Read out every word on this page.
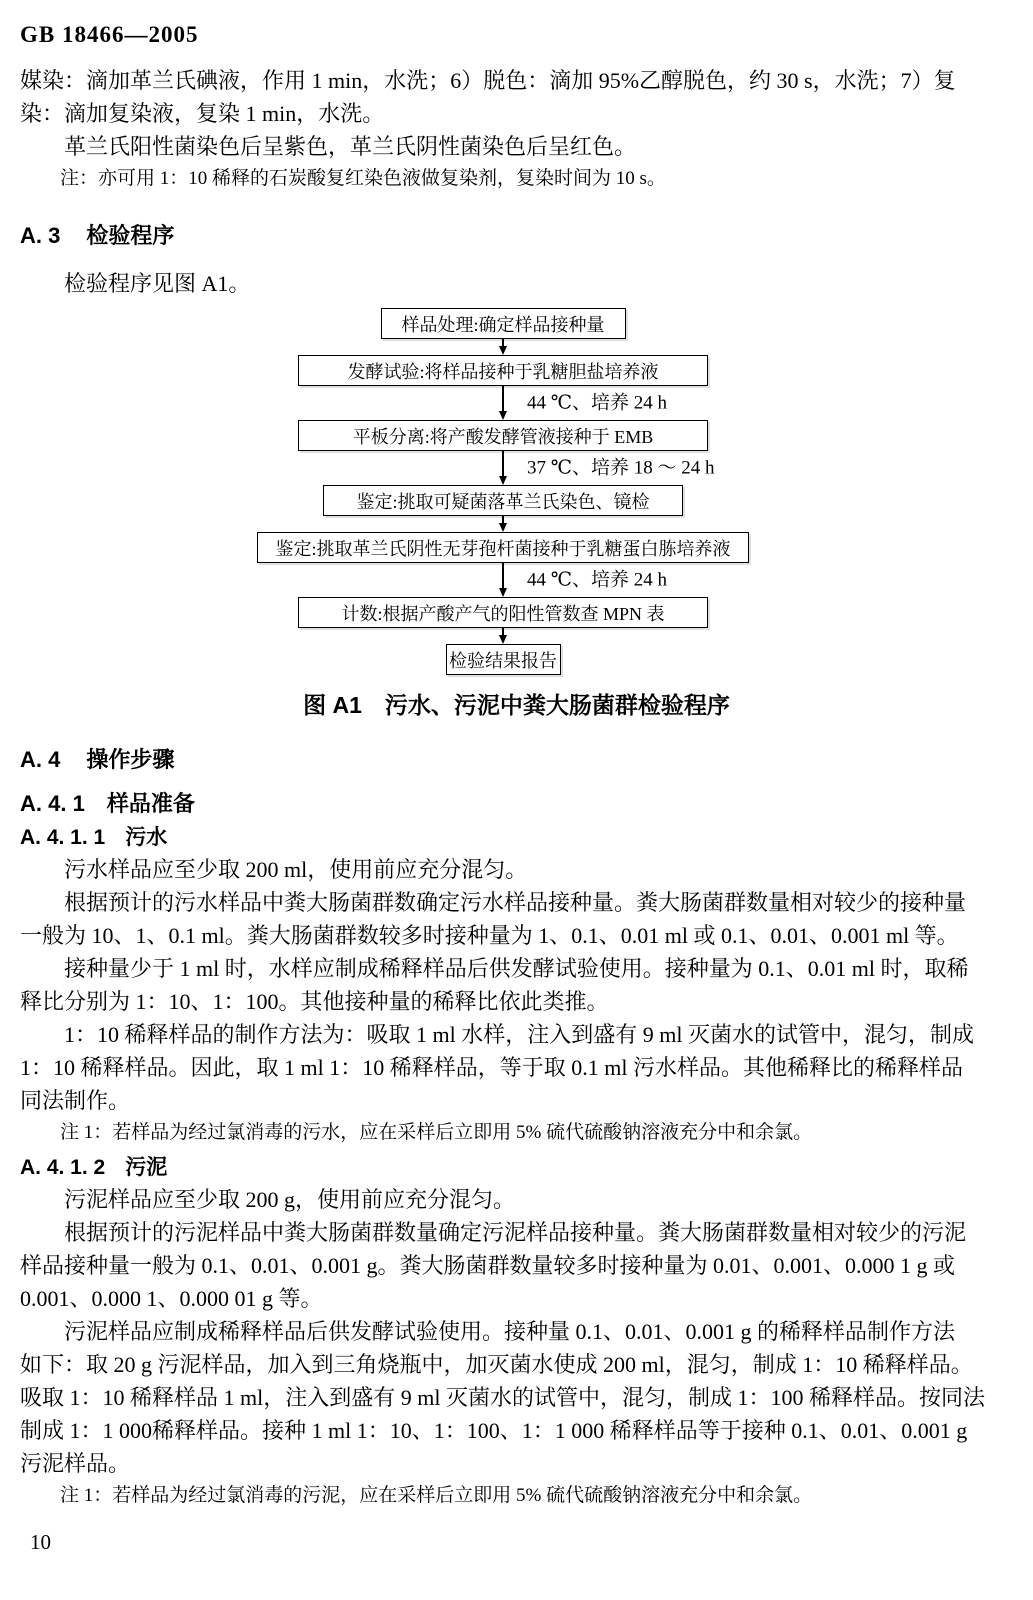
GB 18466—2005
媒染：滴加革兰氏碘液，作用 1 min，水洗；6）脱色：滴加 95%乙醇脱色，约 30 s，水洗；7）复
染：滴加复染液，复染 1 min，水洗。
革兰氏阳性菌染色后呈紫色，革兰氏阴性菌染色后呈红色。
注：亦可用 1：10 稀释的石炭酸复红染色液做复染剂，复染时间为 10 s。
A. 3 检验程序
检验程序见图 A1。
样品处理:确定样品接种量
发酵试验:将样品接种于乳糖胆盐培养液
44 ℃、培养 24 h
平板分离:将产酸发酵管液接种于 EMB
37 ℃、培养 18 ～ 24 h
鉴定:挑取可疑菌落革兰氏染色、镜检
鉴定:挑取革兰氏阴性无芽孢杆菌接种于乳糖蛋白胨培养液
44 ℃、培养 24 h
计数:根据产酸产气的阳性管数查 MPN 表
检验结果报告
图 A1　污水、污泥中粪大肠菌群检验程序
A. 4 操作步骤
A. 4. 1 样品准备
A. 4. 1. 1 污水
污水样品应至少取 200 ml，使用前应充分混匀。
根据预计的污水样品中粪大肠菌群数确定污水样品接种量。粪大肠菌群数量相对较少的接种量
一般为 10、1、0.1 ml。粪大肠菌群数较多时接种量为 1、0.1、0.01 ml 或 0.1、0.01、0.001 ml 等。
接种量少于 1 ml 时，水样应制成稀释样品后供发酵试验使用。接种量为 0.1、0.01 ml 时，取稀
释比分别为 1：10、1：100。其他接种量的稀释比依此类推。
1：10 稀释样品的制作方法为：吸取 1 ml 水样，注入到盛有 9 ml 灭菌水的试管中，混匀，制成
1：10 稀释样品。因此，取 1 ml 1：10 稀释样品，等于取 0.1 ml 污水样品。其他稀释比的稀释样品
同法制作。
注 1：若样品为经过氯消毒的污水，应在采样后立即用 5% 硫代硫酸钠溶液充分中和余氯。
A. 4. 1. 2 污泥
污泥样品应至少取 200 g，使用前应充分混匀。
根据预计的污泥样品中粪大肠菌群数量确定污泥样品接种量。粪大肠菌群数量相对较少的污泥
样品接种量一般为 0.1、0.01、0.001 g。粪大肠菌群数量较多时接种量为 0.01、0.001、0.000 1 g 或
0.001、0.000 1、0.000 01 g 等。
污泥样品应制成稀释样品后供发酵试验使用。接种量 0.1、0.01、0.001 g 的稀释样品制作方法
如下：取 20 g 污泥样品，加入到三角烧瓶中，加灭菌水使成 200 ml，混匀，制成 1：10 稀释样品。
吸取 1：10 稀释样品 1 ml，注入到盛有 9 ml 灭菌水的试管中，混匀，制成 1：100 稀释样品。按同法
制成 1：1 000稀释样品。接种 1 ml 1：10、1：100、1：1 000 稀释样品等于接种 0.1、0.01、0.001 g
污泥样品。
注 1：若样品为经过氯消毒的污泥，应在采样后立即用 5% 硫代硫酸钠溶液充分中和余氯。
10
